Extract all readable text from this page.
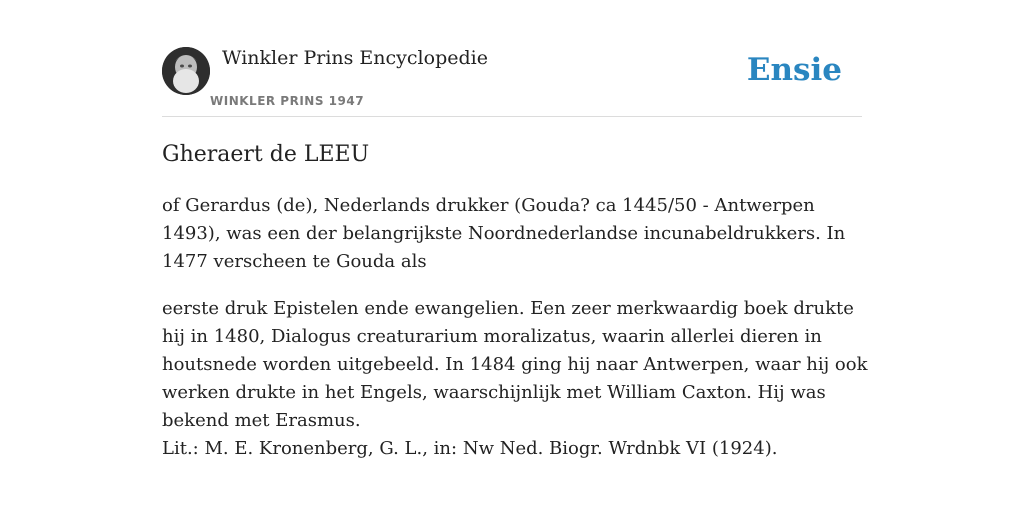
Winkler Prins Encyclopedie
WINKLER PRINS 1947
Ensie
Gheraert de LEEU

of Gerardus (de), Nederlands drukker (Gouda? ca 1445/50 - Antwerpen 1493), was een der belangrijkste Noordnederlandse incunabeldrukkers. In 1477 verscheen te Gouda als

eerste druk Epistelen ende ewangelien. Een zeer merkwaardig boek drukte hij in 1480, Dialogus creaturarium moralizatus, waarin allerlei dieren in houtsnede worden uitgebeeld. In 1484 ging hij naar Antwerpen, waar hij ook werken drukte in het Engels, waarschijnlijk met William Caxton. Hij was bekend met Erasmus.

Lit.: M. E. Kronenberg, G. L., in: Nw Ned. Biogr. Wrdnbk VI (1924).
